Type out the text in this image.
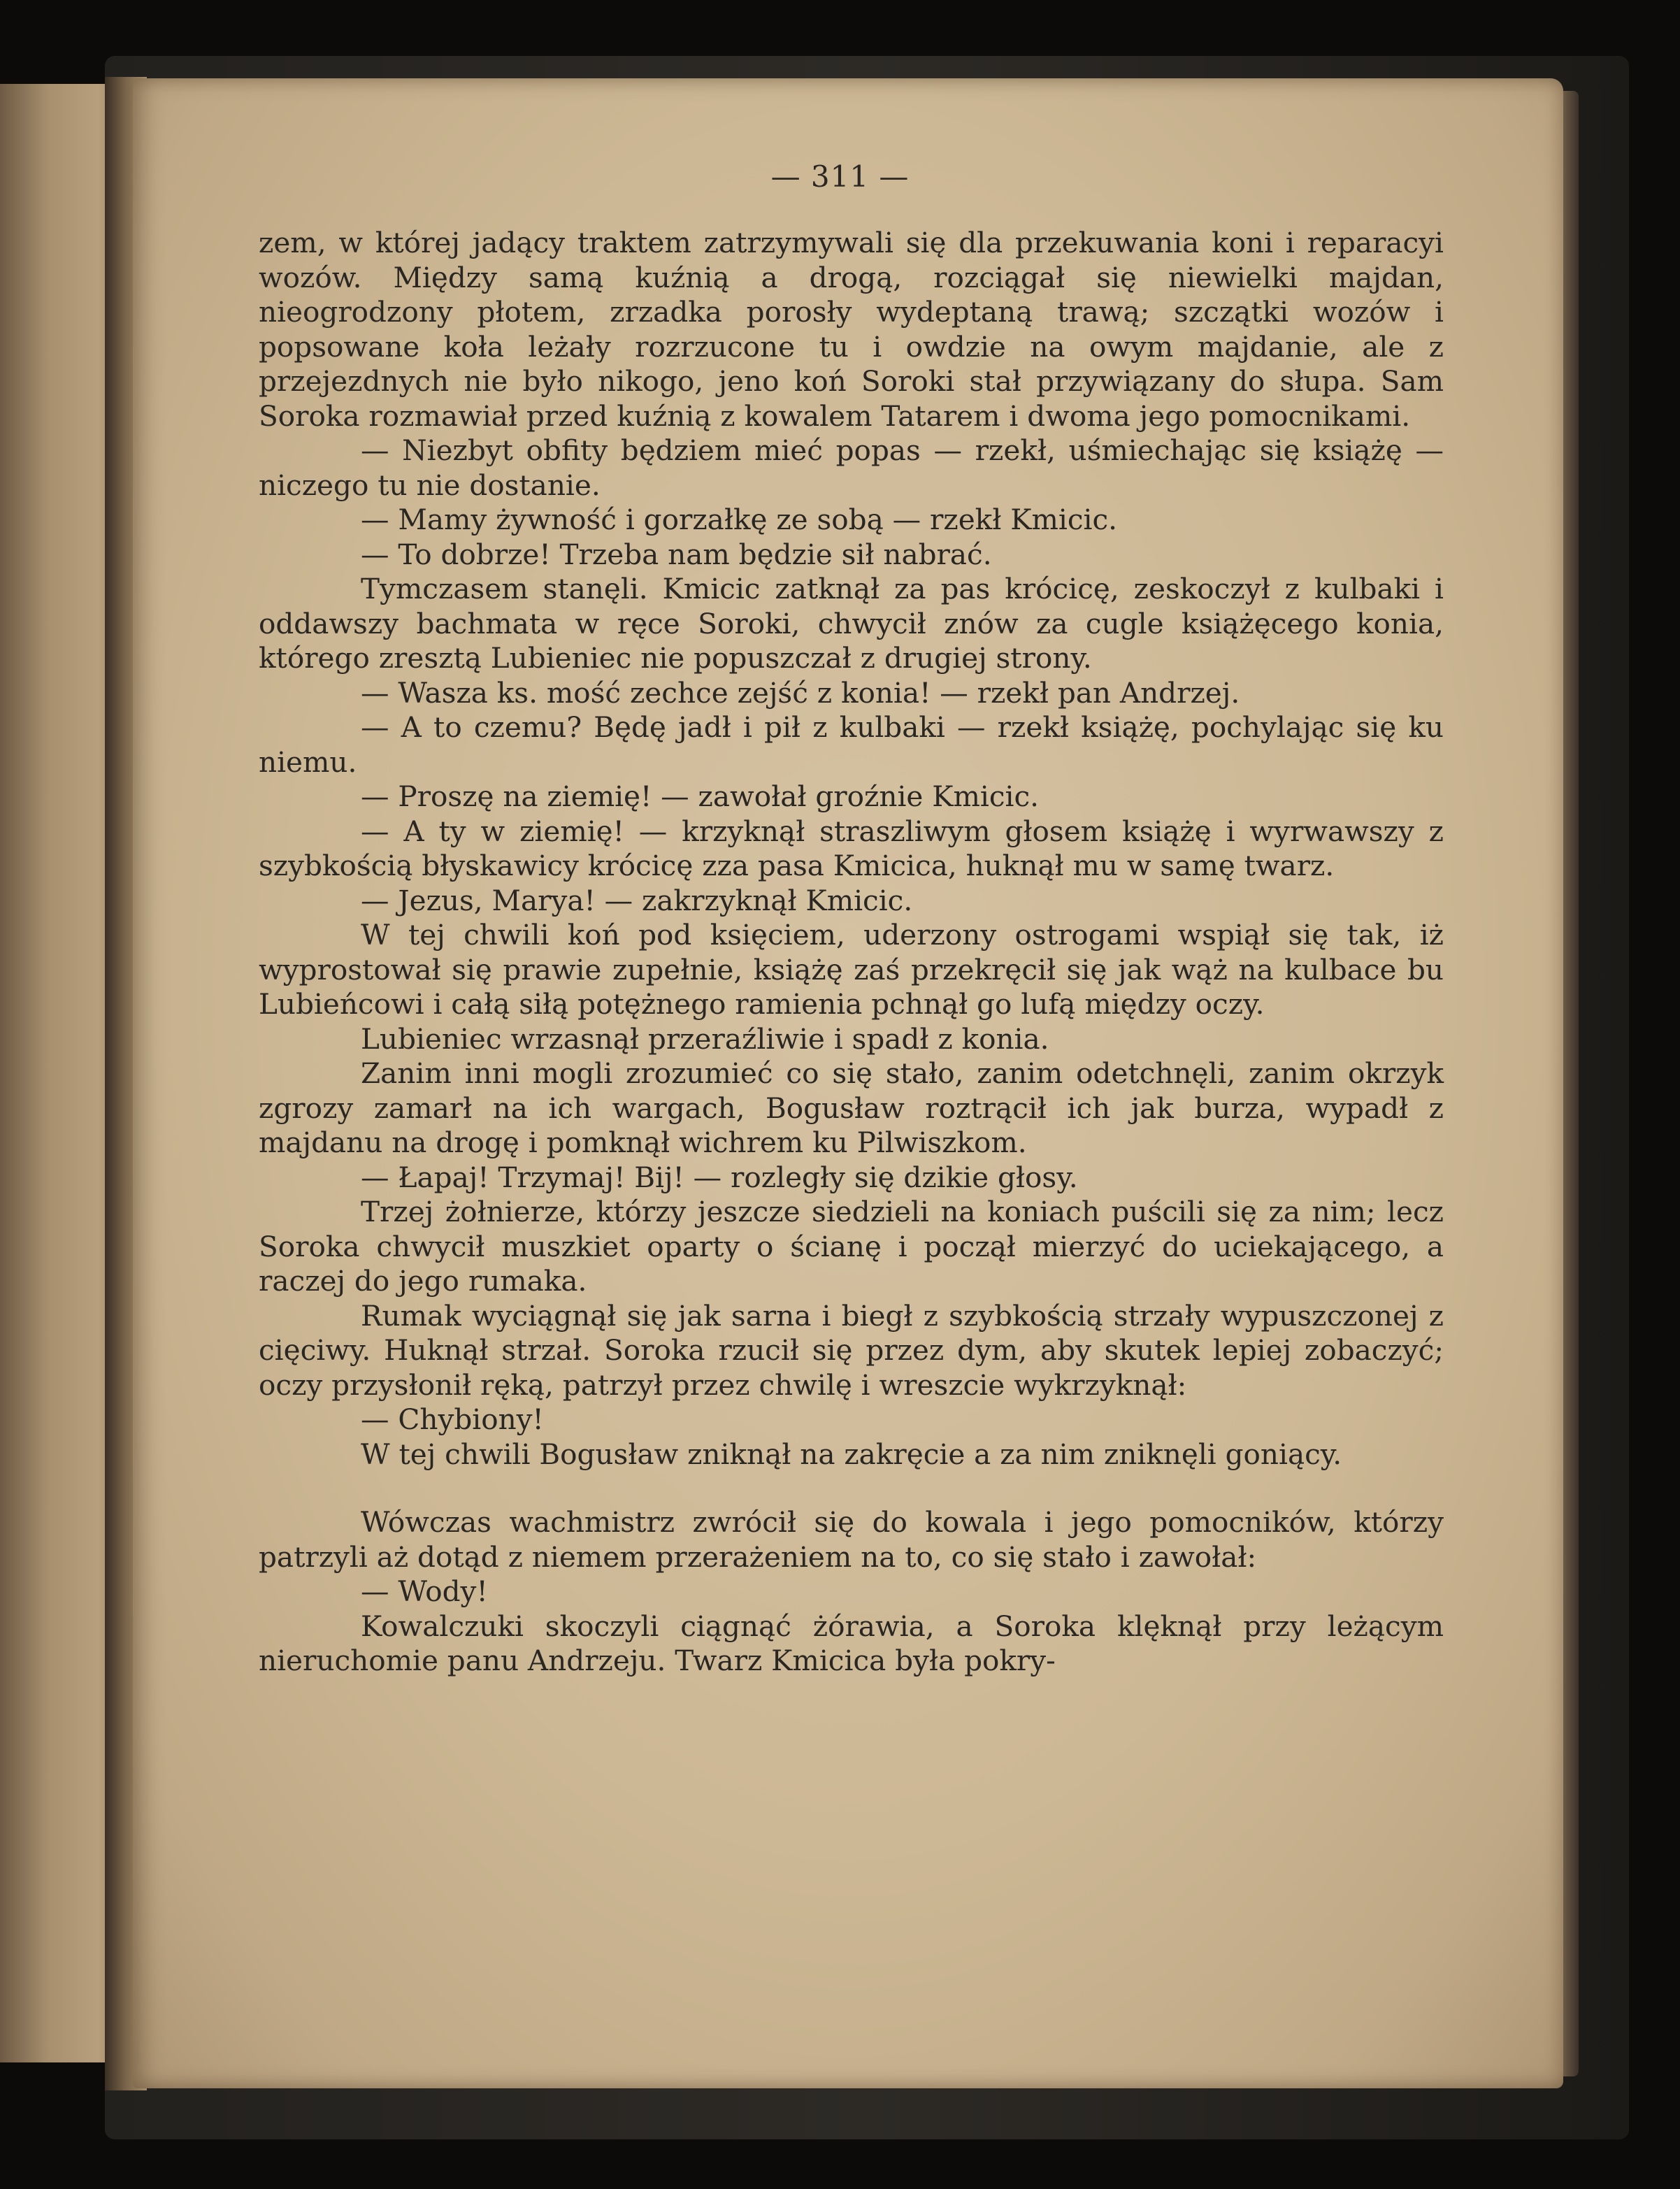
— 311 —

zem, w której jadący traktem zatrzymywali się dla przekuwania koni i reparacyi wozów. Między samą kuźnią a drogą, rozciągał się niewielki majdan, nieogrodzony płotem, zrzadka porosły wydeptaną trawą; szczątki wozów i popsowane koła leżały rozrzucone tu i owdzie na owym majdanie, ale z przejezdnych nie było nikogo, jeno koń Soroki stał przywiązany do słupa. Sam Soroka rozmawiał przed kuźnią z kowalem Tatarem i dwoma jego pomocnikami.

— Niezbyt obfity będziem mieć popas — rzekł, uśmiechając się książę — niczego tu nie dostanie.

— Mamy żywność i gorzałkę ze sobą — rzekł Kmicic.

— To dobrze! Trzeba nam będzie sił nabrać.

Tymczasem stanęli. Kmicic zatknął za pas krócicę, zeskoczył z kulbaki i oddawszy bachmata w ręce Soroki, chwycił znów za cugle książęcego konia, którego zresztą Lubieniec nie popuszczał z drugiej strony.

— Wasza ks. mość zechce zejść z konia! — rzekł pan Andrzej.

— A to czemu? Będę jadł i pił z kulbaki — rzekł książę, pochylając się ku niemu.

— Proszę na ziemię! — zawołał groźnie Kmicic.

— A ty w ziemię! — krzyknął straszliwym głosem książę i wyrwawszy z szybkością błyskawicy krócicę zza pasa Kmicica, huknął mu w samę twarz.

— Jezus, Marya! — zakrzyknął Kmicic.

W tej chwili koń pod księciem, uderzony ostrogami wspiął się tak, iż wyprostował się prawie zupełnie, książę zaś przekręcił się jak wąż na kulbace bu Lubieńcowi i całą siłą potężnego ramienia pchnął go lufą między oczy.

Lubieniec wrzasnął przeraźliwie i spadł z konia.

Zanim inni mogli zrozumieć co się stało, zanim odetchnęli, zanim okrzyk zgrozy zamarł na ich wargach, Bogusław roztrącił ich jak burza, wypadł z majdanu na drogę i pomknął wichrem ku Pilwiszkom.

— Łapaj! Trzymaj! Bij! — rozległy się dzikie głosy.

Trzej żołnierze, którzy jeszcze siedzieli na koniach puścili się za nim; lecz Soroka chwycił muszkiet oparty o ścianę i począł mierzyć do uciekającego, a raczej do jego rumaka.

Rumak wyciągnął się jak sarna i biegł z szybkością strzały wypuszczonej z cięciwy. Huknął strzał. Soroka rzucił się przez dym, aby skutek lepiej zobaczyć; oczy przysłonił ręką, patrzył przez chwilę i wreszcie wykrzyknął:

— Chybiony!

W tej chwili Bogusław zniknął na zakręcie a za nim zniknęli goniący.

Wówczas wachmistrz zwrócił się do kowala i jego pomocników, którzy patrzyli aż dotąd z niemem przerażeniem na to, co się stało i zawołał:

— Wody!

Kowalczuki skoczyli ciągnąć żórawia, a Soroka klęknął przy leżącym nieruchomie panu Andrzeju. Twarz Kmicica była pokry-
